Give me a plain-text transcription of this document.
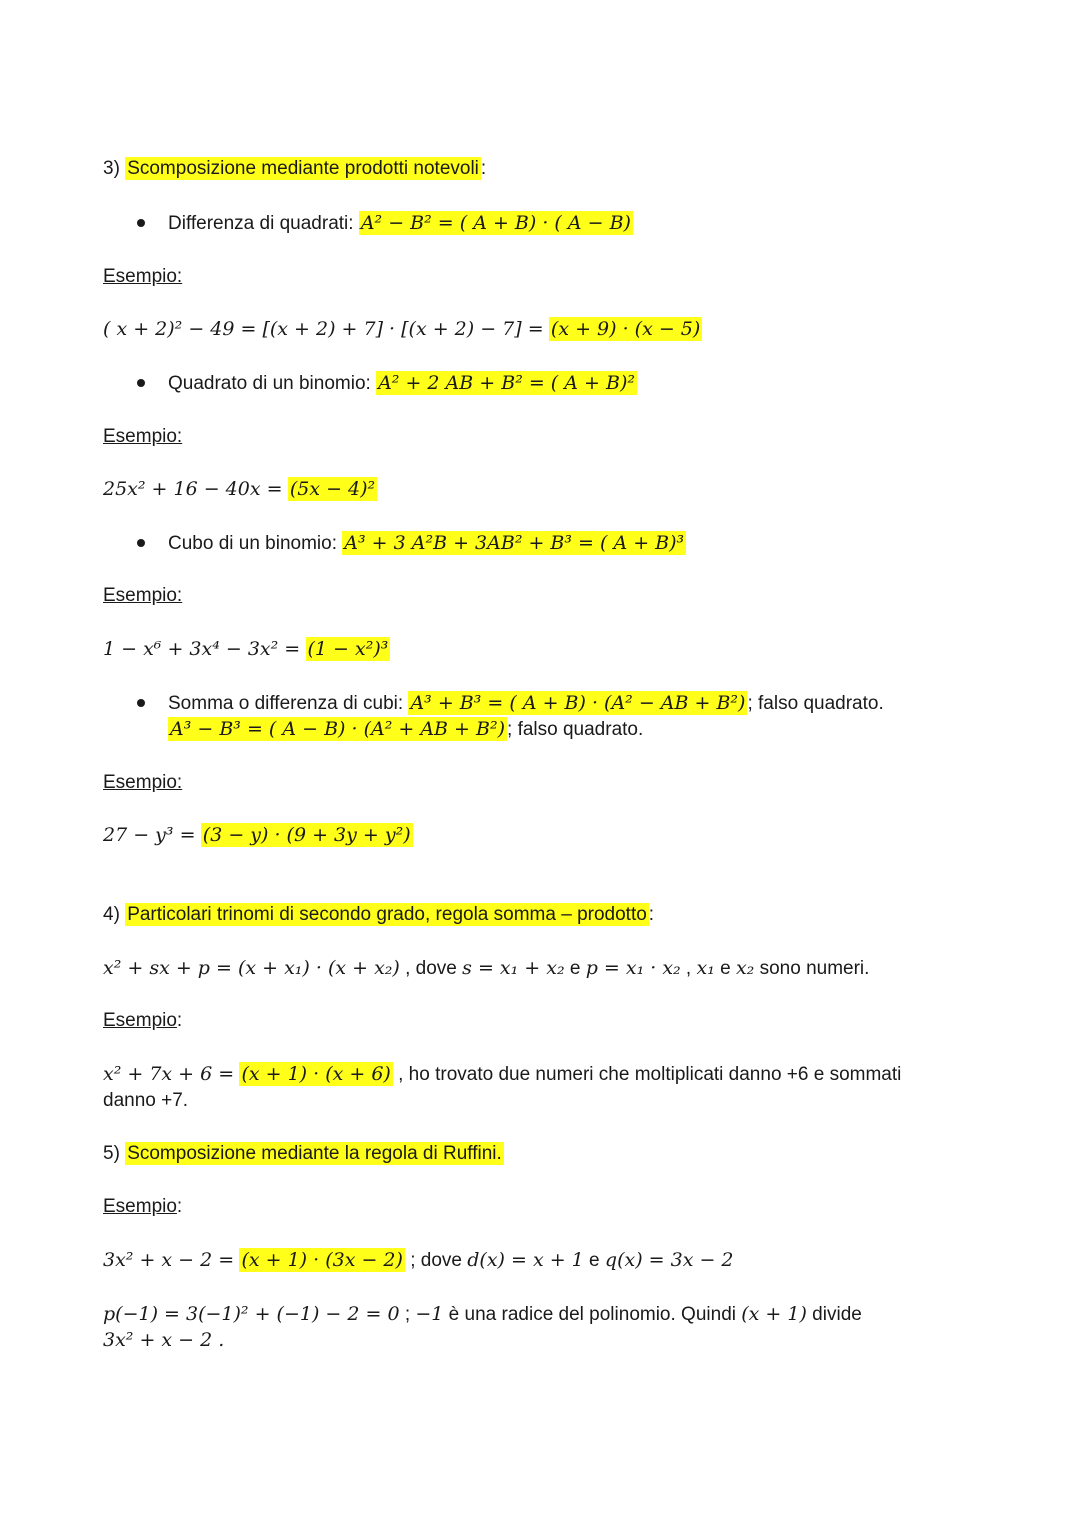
3) Scomposizione mediante prodotti notevoli :
Differenza di quadrati: A² − B² = ( A + B) · ( A − B)
Esempio:
( x + 2)² − 49 = [(x + 2) + 7] · [(x + 2) − 7] = (x + 9) · (x − 5)
Quadrato di un binomio: A² + 2 AB + B² = ( A + B)²
Esempio:
25x² + 16 − 40x = (5x − 4)²
Cubo di un binomio: A³ + 3 A²B + 3AB² + B³ = ( A + B)³
Esempio:
1 − x⁶ + 3x⁴ − 3x² = (1 − x²)³
Somma o differenza di cubi: A³ + B³ = ( A + B) · (A² − AB + B²) ; falso quadrato.
A³ − B³ = ( A − B) · (A² + AB + B²) ; falso quadrato.
Esempio:
27 − y³ = (3 − y) · (9 + 3y + y²)
4) Particolari trinomi di secondo grado, regola somma – prodotto :
x² + sx + p = (x + x₁) · (x + x₂) , dove s = x₁ + x₂ e p = x₁ · x₂ , x₁ e x₂ sono numeri.
Esempio:
x² + 7x + 6 = (x + 1) · (x + 6) , ho trovato due numeri che moltiplicati danno +6 e sommati
danno +7.
5) Scomposizione mediante la regola di Ruffini.
Esempio:
3x² + x − 2 = (x + 1) · (3x − 2) ; dove d(x) = x + 1 e q(x) = 3x − 2
p(−1) = 3(−1)² + (−1) − 2 = 0 ; −1 è una radice del polinomio. Quindi (x + 1) divide
3x² + x − 2 .
